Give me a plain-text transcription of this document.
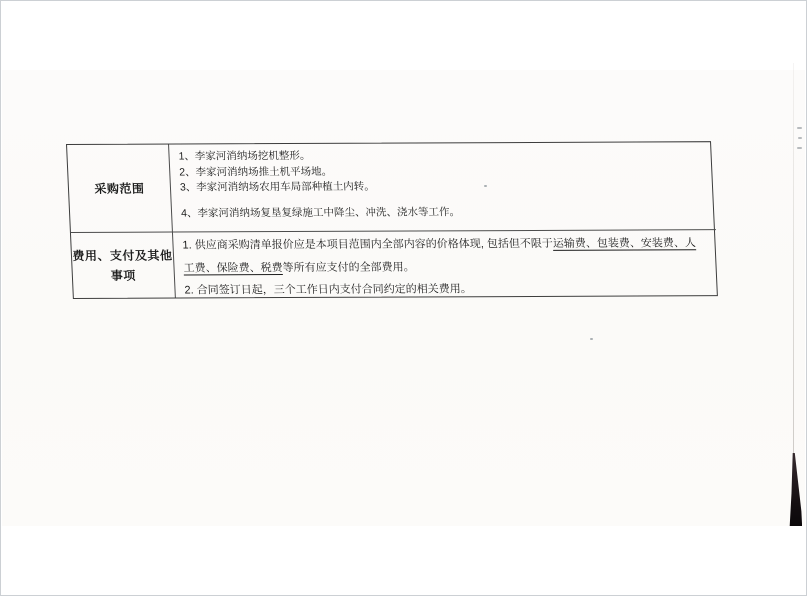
采购范围
1、李家河消纳场挖机整形。
2、李家河消纳场推土机平场地。
3、李家河消纳场农用车局部种植土内转。
4、李家河消纳场复垦复绿施工中降尘、冲洗、浇水等工作。
费用、支付及其他
事项
1. 供应商采购清单报价应是本项目范围内全部内容的价格体现, 包括但不限于运输费、包装费、安装费、人工费、保险费、税费等所有应支付的全部费用。
2. 合同签订日起，三个工作日内支付合同约定的相关费用。
